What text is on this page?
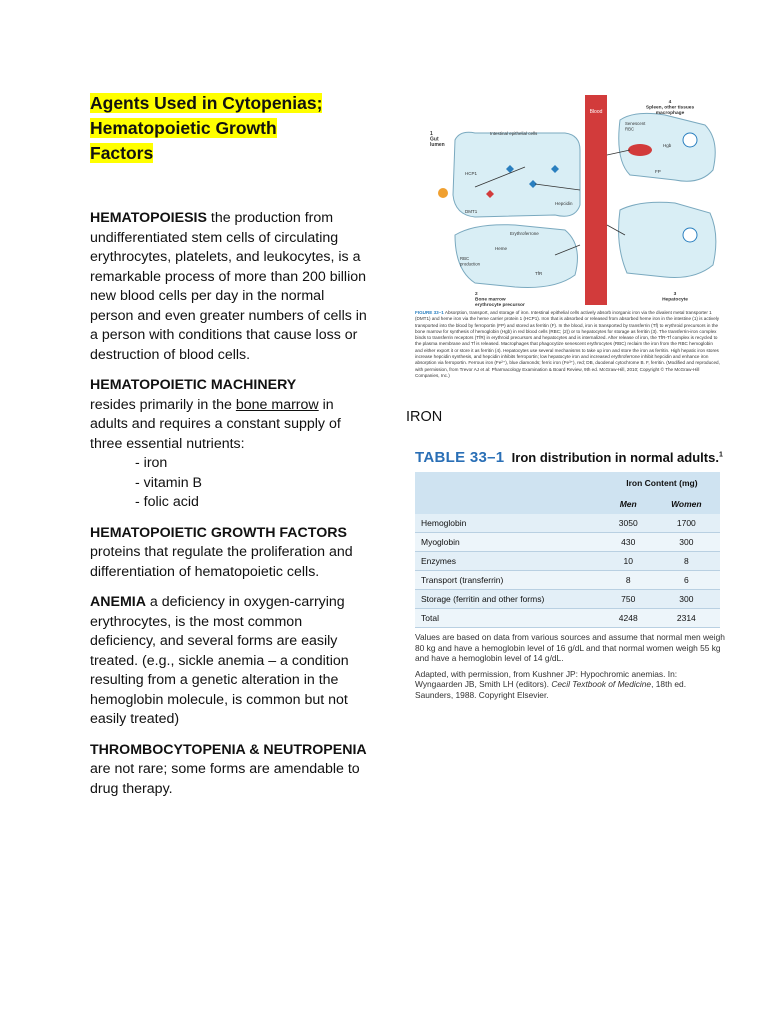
Agents Used in Cytopenias;
Hematopoietic Growth
Factors

HEMATOPOIESIS the production from undifferentiated stem cells of circulating erythrocytes, platelets, and leukocytes, is a remarkable process of more than 200 billion new blood cells per day in the normal person and even greater numbers of cells in a person with conditions that cause loss or destruction of blood cells.

HEMATOPOIETIC MACHINERY
resides primarily in the bone marrow in adults and requires a constant supply of three essential nutrients:

- iron
- vitamin B
- folic acid

HEMATOPOIETIC GROWTH FACTORS proteins that regulate the proliferation and differentiation of hematopoietic cells.

ANEMIA a deficiency in oxygen-carrying erythrocytes, is the most common deficiency, and several forms are easily treated. (e.g., sickle anemia – a condition resulting from a genetic alteration in the hemoglobin molecule, is common but not easily treated)

THROMBOCYTOPENIA & NEUTROPENIA are not rare; some forms are amendable to drug therapy.

Blood
Intestinal epithelial cells
1 Gut lumen
HCP1
DMT1
Hepcidin
4 Spleen, other tissues macrophage
Senescent RBC
Hgb
FP
Erythroferrone
Heme
RBC production
TfR
2 Bone marrow erythrocyte precursor
3 Hepatocyte
FIGURE 33–1 Absorption, transport, and storage of iron. Intestinal epithelial cells actively absorb inorganic iron via the divalent metal transporter 1 (DMT1) and heme iron via the heme carrier protein 1 (HCP1). Iron that is absorbed or released from absorbed heme iron in the intestine (1) is actively transported into the blood by ferroportin (FP) and stored as ferritin (F). In the blood, iron is transported by transferrin (Tf) to erythroid precursors in the bone marrow for synthesis of hemoglobin (Hgb) in red blood cells (RBC; (2)) or to hepatocytes for storage as ferritin (3). The transferrin-iron complex binds to transferrin receptors (TfR) in erythroid precursors and hepatocytes and is internalized. After release of iron, the TfR-Tf complex is recycled to the plasma membrane and Tf is released. Macrophages that phagocytize senescent erythrocytes (RBC) reclaim the iron from the RBC hemoglobin and either export it or store it as ferritin (4). Hepatocytes use several mechanisms to take up iron and store the iron as ferritin. High hepatic iron stores increase hepcidin synthesis, and hepcidin inhibits ferroportin; low hepatocyte iron and increased erythroferrone inhibit hepcidin and enhance iron absorption via ferroportin. Ferrous iron (Fe²⁺), blue diamonds; ferric iron (Fe³⁺), red; DB, duodenal cytochrome B. F, ferritin. (Modified and reproduced, with permission, from Trevor AJ et al: Pharmacology Examination & Board Review, 9th ed. McGraw-Hill, 2010; Copyright © The McGraw-Hill Companies, Inc.)
IRON
TABLE 33–1 Iron distribution in normal adults.$^1$
	Iron Content (mg)	
	Men	Women
Hemoglobin	3050	1700
Myoglobin	430	300
Enzymes	10	8
Transport (transferrin)	8	6
Storage (ferritin and other forms)	750	300
Total	4248	2314

Values are based on data from various sources and assume that normal men weigh 80 kg and have a hemoglobin level of 16 g/dL and that normal women weigh 55 kg and have a hemoglobin level of 14 g/dL.

Adapted, with permission, from Kushner JP: Hypochromic anemias. In: Wyngaarden JB, Smith LH (editors). Cecil Textbook of Medicine, 18th ed. Saunders, 1988. Copyright Elsevier.
